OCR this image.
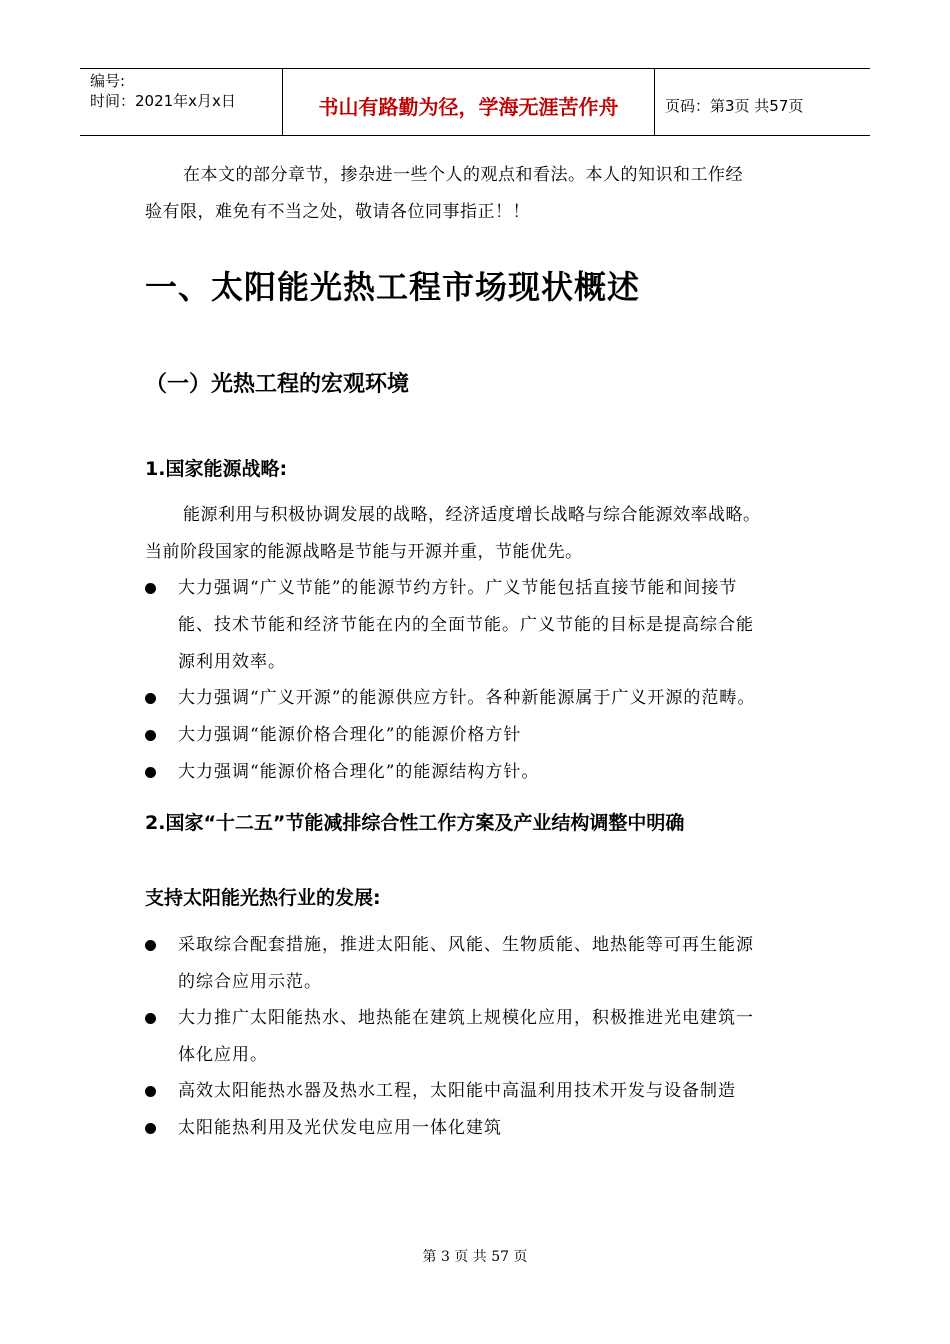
编号:
时间：2021年x月x日	书山有路勤为径，学海无涯苦作舟	页码：第3页 共57页
在本文的部分章节，掺杂进一些个人的观点和看法。本人的知识和工作经
验有限，难免有不当之处，敬请各位同事指正！！
一、太阳能光热工程市场现状概述
（一）光热工程的宏观环境
1.国家能源战略:
能源利用与积极协调发展的战略，经济适度增长战略与综合能源效率战略。
当前阶段国家的能源战略是节能与开源并重，节能优先。
大力强调“广义节能”的能源节约方针。广义节能包括直接节能和间接节
能、技术节能和经济节能在内的全面节能。广义节能的目标是提高综合能
源利用效率。
大力强调“广义开源”的能源供应方针。各种新能源属于广义开源的范畴。
大力强调“能源价格合理化”的能源价格方针
大力强调“能源价格合理化”的能源结构方针。
2.国家“十二五”节能减排综合性工作方案及产业结构调整中明确
支持太阳能光热行业的发展:
采取综合配套措施，推进太阳能、风能、生物质能、地热能等可再生能源
的综合应用示范。
大力推广太阳能热水、地热能在建筑上规模化应用，积极推进光电建筑一
体化应用。
高效太阳能热水器及热水工程，太阳能中高温利用技术开发与设备制造
太阳能热利用及光伏发电应用一体化建筑
第 3 页 共 57 页
